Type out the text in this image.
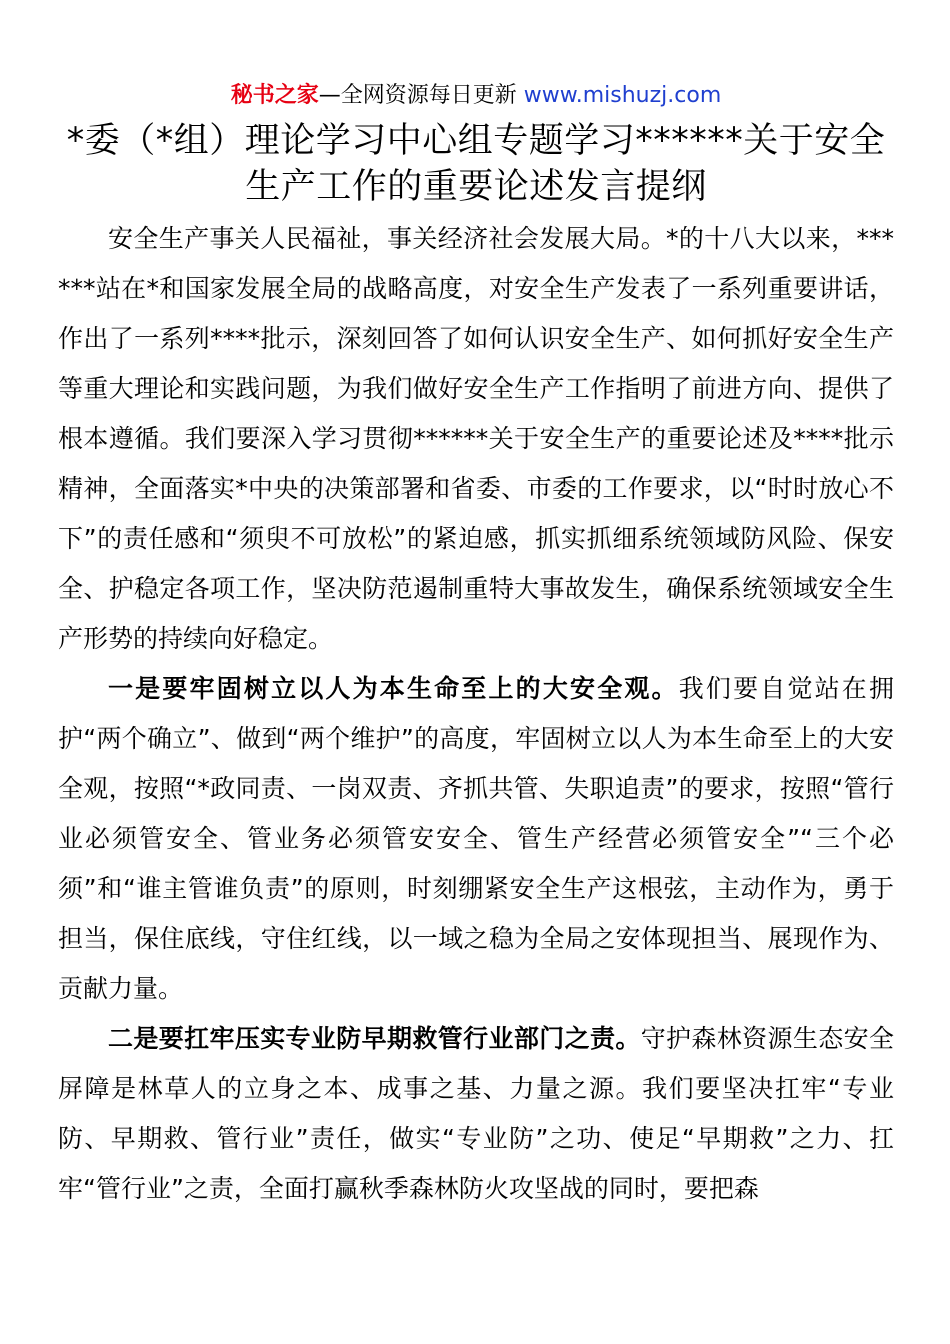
秘书之家—全网资源每日更新 www.mishuzj.com
*委（*组）理论学习中心组专题学习******关于安全
生产工作的重要论述发言提纲

安全生产事关人民福祉，事关经济社会发展大局。*的十八大以来，******站在*和国家发展全局的战略高度，对安全生产发表了一系列重要讲话，作出了一系列****批示，深刻回答了如何认识安全生产、如何抓好安全生产等重大理论和实践问题，为我们做好安全生产工作指明了前进方向、提供了根本遵循。我们要深入学习贯彻******关于安全生产的重要论述及****批示精神，全面落实*中央的决策部署和省委、市委的工作要求，以“时时放心不下”的责任感和“须臾不可放松”的紧迫感，抓实抓细系统领域防风险、保安全、护稳定各项工作，坚决防范遏制重特大事故发生，确保系统领域安全生产形势的持续向好稳定。

一是要牢固树立以人为本生命至上的大安全观。我们要自觉站在拥护“两个确立”、做到“两个维护”的高度，牢固树立以人为本生命至上的大安全观，按照“*政同责、一岗双责、齐抓共管、失职追责”的要求，按照“管行业必须管安全、管业务必须管安安全、管生产经营必须管安全”“三个必须”和“谁主管谁负责”的原则，时刻绷紧安全生产这根弦，主动作为，勇于担当，保住底线，守住红线，以一域之稳为全局之安体现担当、展现作为、贡献力量。

二是要扛牢压实专业防早期救管行业部门之责。守护森林资源生态安全屏障是林草人的立身之本、成事之基、力量之源。我们要坚决扛牢“专业防、早期救、管行业”责任，做实“专业防”之功、使足“早期救”之力、扛牢“管行业”之责，全面打赢秋季森林防火攻坚战的同时，要把森
